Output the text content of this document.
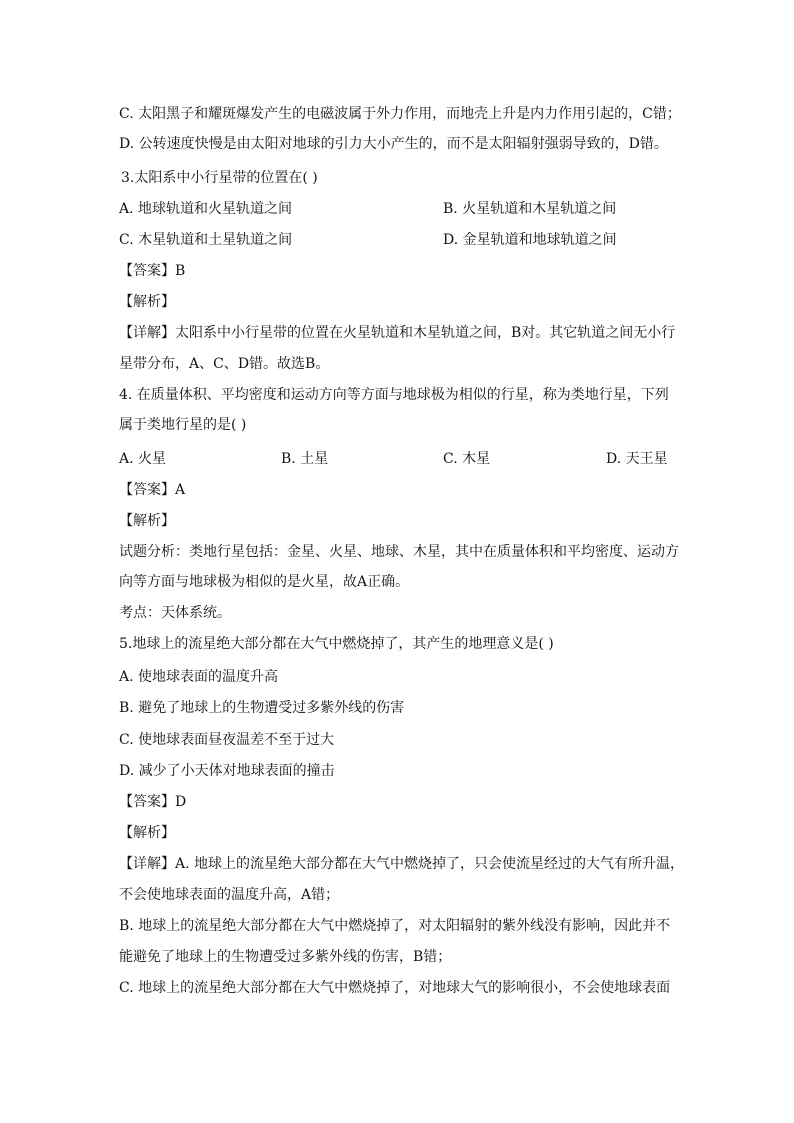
C. 太阳黑子和耀斑爆发产生的电磁波属于外力作用，而地壳上升是内力作用引起的，C错；
D. 公转速度快慢是由太阳对地球的引力大小产生的，而不是太阳辐射强弱导致的，D错。
3.太阳系中小行星带的位置在( )
A. 地球轨道和火星轨道之间	B. 火星轨道和木星轨道之间
C. 木星轨道和土星轨道之间	D. 金星轨道和地球轨道之间
【答案】B
【解析】
【详解】太阳系中小行星带的位置在火星轨道和木星轨道之间，B对。其它轨道之间无小行
星带分布，A、C、D错。故选B。
4. 在质量体积、平均密度和运动方向等方面与地球极为相似的行星，称为类地行星，下列
属于类地行星的是( )
A. 火星	B. 土星	C. 木星	D. 天王星
【答案】A
【解析】
试题分析：类地行星包括：金星、火星、地球、木星，其中在质量体积和平均密度、运动方
向等方面与地球极为相似的是火星，故A正确。
考点：天体系统。
5.地球上的流星绝大部分都在大气中燃烧掉了，其产生的地理意义是( )
A. 使地球表面的温度升高
B. 避免了地球上的生物遭受过多紫外线的伤害
C. 使地球表面昼夜温差不至于过大
D. 减少了小天体对地球表面的撞击
【答案】D
【解析】
【详解】A. 地球上的流星绝大部分都在大气中燃烧掉了，只会使流星经过的大气有所升温，
不会使地球表面的温度升高，A错；
B. 地球上的流星绝大部分都在大气中燃烧掉了，对太阳辐射的紫外线没有影响，因此并不
能避免了地球上的生物遭受过多紫外线的伤害，B错；
C. 地球上的流星绝大部分都在大气中燃烧掉了，对地球大气的影响很小，不会使地球表面
